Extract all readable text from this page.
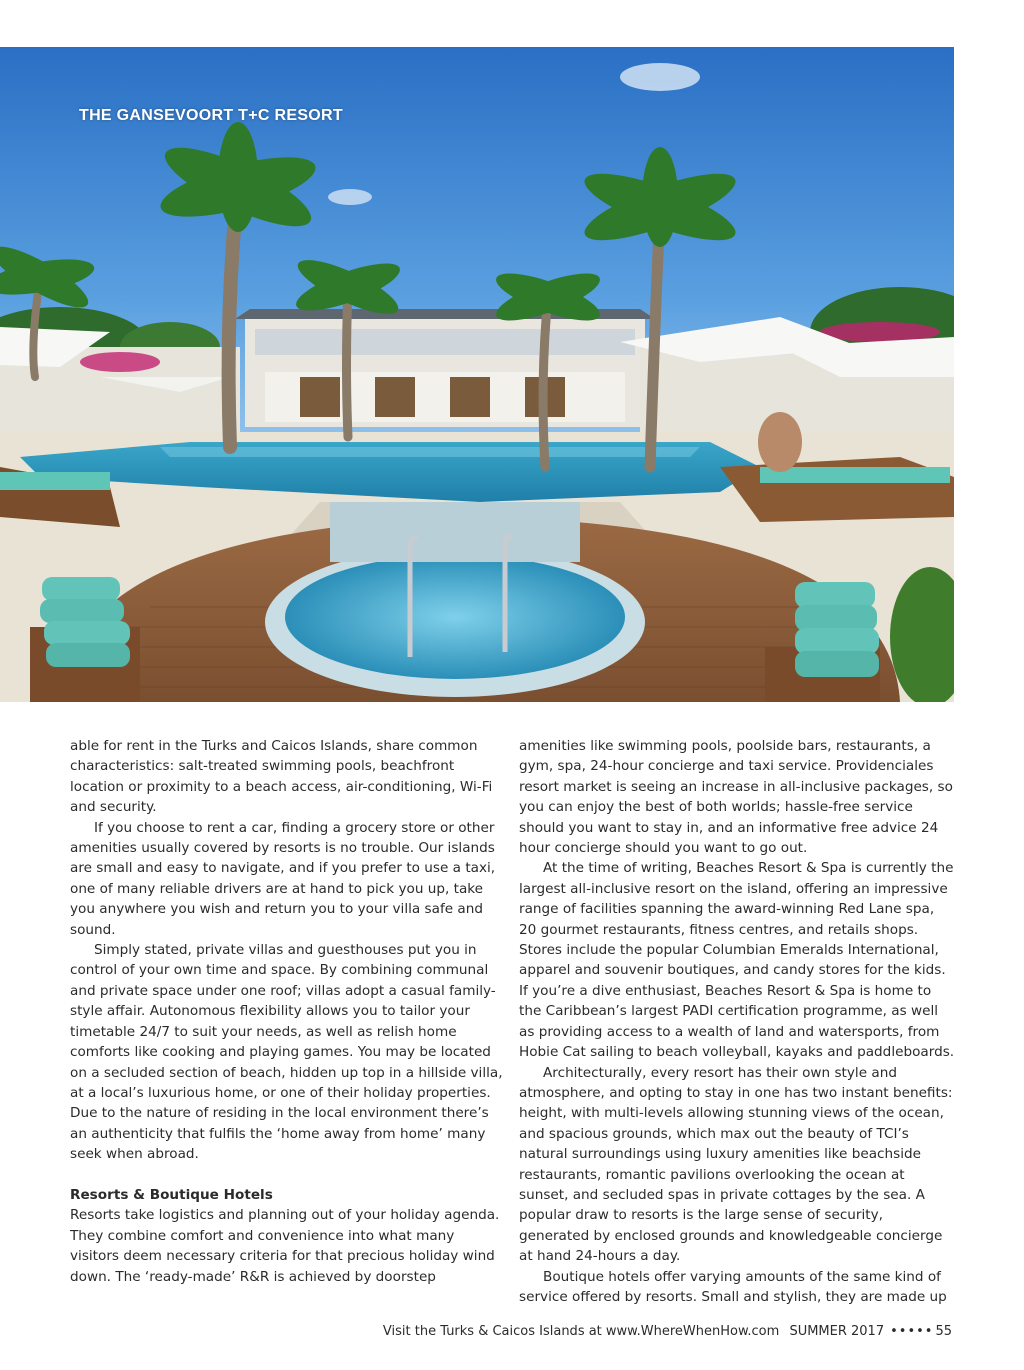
THE GANSEVOORT T+C RESORT

able for rent in the Turks and Caicos Islands, share common characteristics: salt-treated swimming pools, beachfront location or proximity to a beach access, air-conditioning, Wi-Fi and security.

If you choose to rent a car, finding a grocery store or other amenities usually covered by resorts is no trouble. Our islands are small and easy to navigate, and if you prefer to use a taxi, one of many reliable drivers are at hand to pick you up, take you anywhere you wish and return you to your villa safe and sound.

Simply stated, private villas and guesthouses put you in control of your own time and space. By combining communal and private space under one roof; villas adopt a casual family-style affair. Autonomous flexibility allows you to tailor your timetable 24/7 to suit your needs, as well as relish home comforts like cooking and playing games. You may be located on a secluded section of beach, hidden up top in a hillside villa, at a local’s luxurious home, or one of their holiday properties. Due to the nature of residing in the local environment there’s an authenticity that fulfils the ‘home away from home’ many seek when abroad.

Resorts & Boutique Hotels

Resorts take logistics and planning out of your holiday agenda. They combine comfort and convenience into what many visitors deem necessary criteria for that precious holiday wind down. The ‘ready-made’ R&R is achieved by doorstep

amenities like swimming pools, poolside bars, restaurants, a gym, spa, 24-hour concierge and taxi service. Providenciales resort market is seeing an increase in all-inclusive packages, so you can enjoy the best of both worlds; hassle-free service should you want to stay in, and an informative free advice 24 hour concierge should you want to go out.

At the time of writing, Beaches Resort & Spa is currently the largest all-inclusive resort on the island, offering an impressive range of facilities spanning the award-winning Red Lane spa, 20 gourmet restaurants, fitness centres, and retails shops. Stores include the popular Columbian Emeralds International, apparel and souvenir boutiques, and candy stores for the kids. If you’re a dive enthusiast, Beaches Resort & Spa is home to the Caribbean’s largest PADI certification programme, as well as providing access to a wealth of land and watersports, from Hobie Cat sailing to beach volleyball, kayaks and paddleboards.

Architecturally, every resort has their own style and atmosphere, and opting to stay in one has two instant benefits: height, with multi-levels allowing stunning views of the ocean, and spacious grounds, which max out the beauty of TCI’s natural surroundings using luxury amenities like beachside restaurants, romantic pavilions overlooking the ocean at sunset, and secluded spas in private cottages by the sea. A popular draw to resorts is the large sense of security, generated by enclosed grounds and knowledgeable concierge at hand 24-hours a day.

Boutique hotels offer varying amounts of the same kind of service offered by resorts. Small and stylish, they are made up

Visit the Turks & Caicos Islands at www.WhereWhenHow.com SUMMER 2017 ••••• 55
